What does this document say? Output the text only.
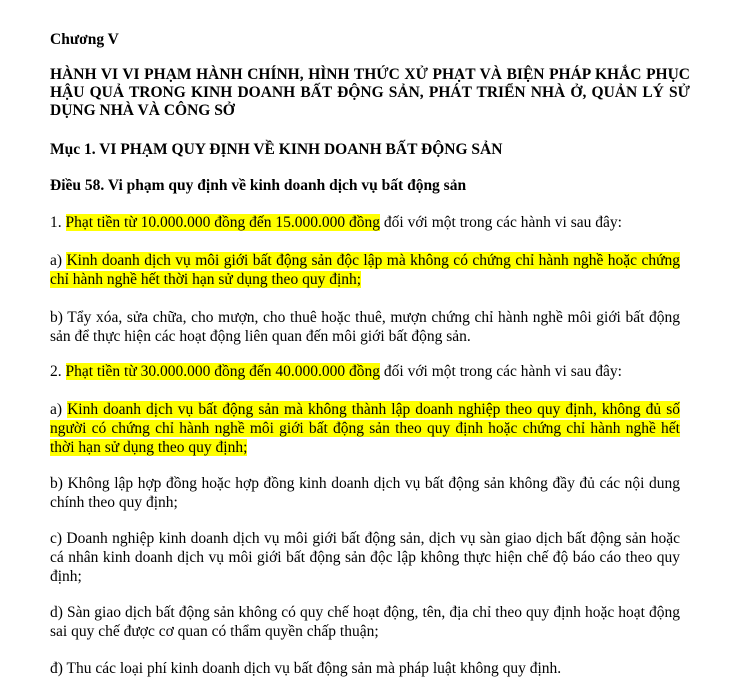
Chương V

HÀNH VI VI PHẠM HÀNH CHÍNH, HÌNH THỨC XỬ PHẠT VÀ BIỆN PHÁP KHẮC PHỤC HẬU QUẢ TRONG KINH DOANH BẤT ĐỘNG SẢN, PHÁT TRIỂN NHÀ Ở, QUẢN LÝ SỬ DỤNG NHÀ VÀ CÔNG SỞ

Mục 1. VI PHẠM QUY ĐỊNH VỀ KINH DOANH BẤT ĐỘNG SẢN

Điều 58. Vi phạm quy định về kinh doanh dịch vụ bất động sản

1. Phạt tiền từ 10.000.000 đồng đến 15.000.000 đồng đối với một trong các hành vi sau đây:

a) Kinh doanh dịch vụ môi giới bất động sản độc lập mà không có chứng chỉ hành nghề hoặc chứng chỉ hành nghề hết thời hạn sử dụng theo quy định;

b) Tẩy xóa, sửa chữa, cho mượn, cho thuê hoặc thuê, mượn chứng chỉ hành nghề môi giới bất động sản để thực hiện các hoạt động liên quan đến môi giới bất động sản.

2. Phạt tiền từ 30.000.000 đồng đến 40.000.000 đồng đối với một trong các hành vi sau đây:

a) Kinh doanh dịch vụ bất động sản mà không thành lập doanh nghiệp theo quy định, không đủ số người có chứng chỉ hành nghề môi giới bất động sản theo quy định hoặc chứng chỉ hành nghề hết thời hạn sử dụng theo quy định;

b) Không lập hợp đồng hoặc hợp đồng kinh doanh dịch vụ bất động sản không đầy đủ các nội dung chính theo quy định;

c) Doanh nghiệp kinh doanh dịch vụ môi giới bất động sản, dịch vụ sàn giao dịch bất động sản hoặc cá nhân kinh doanh dịch vụ môi giới bất động sản độc lập không thực hiện chế độ báo cáo theo quy định;

d) Sàn giao dịch bất động sản không có quy chế hoạt động, tên, địa chỉ theo quy định hoặc hoạt động sai quy chế được cơ quan có thẩm quyền chấp thuận;

đ) Thu các loại phí kinh doanh dịch vụ bất động sản mà pháp luật không quy định.
